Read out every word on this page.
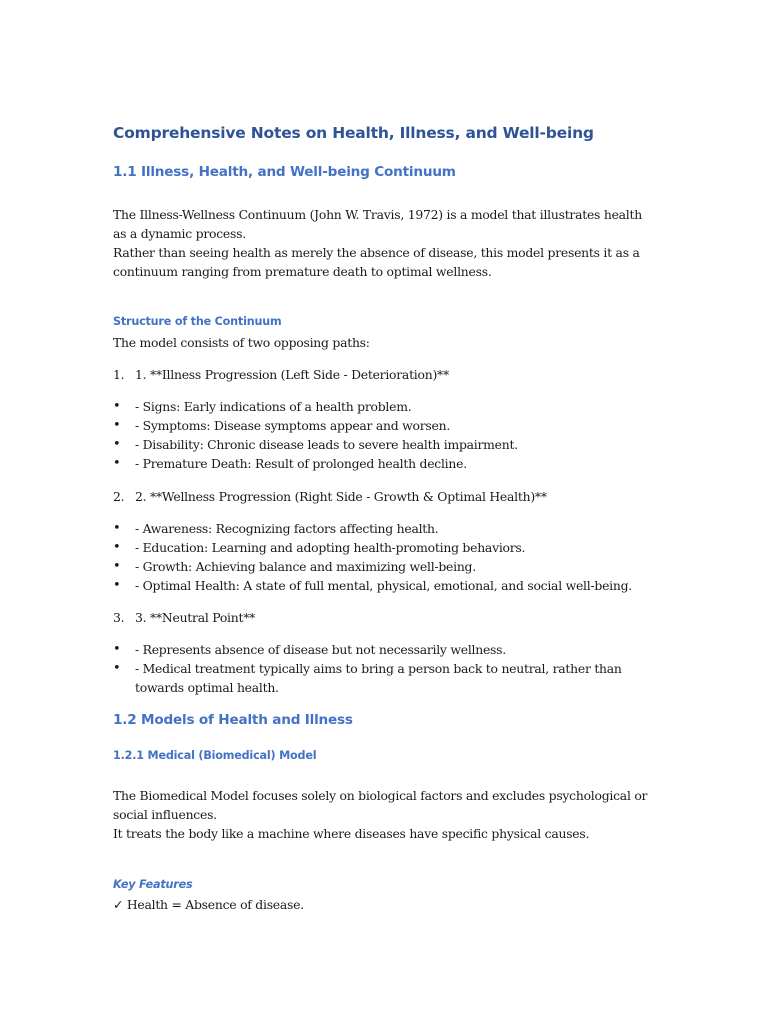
Comprehensive Notes on Health, Illness, and Well-being
1.1 Illness, Health, and Well-being Continuum
The Illness-Wellness Continuum (John W. Travis, 1972) is a model that illustrates health as a dynamic process.
Rather than seeing health as merely the absence of disease, this model presents it as a continuum ranging from premature death to optimal wellness.
Structure of the Continuum
The model consists of two opposing paths:
1. 1. **Illness Progression (Left Side - Deterioration)**
• - Signs: Early indications of a health problem.
• - Symptoms: Disease symptoms appear and worsen.
• - Disability: Chronic disease leads to severe health impairment.
• - Premature Death: Result of prolonged health decline.
2. 2. **Wellness Progression (Right Side - Growth & Optimal Health)**
• - Awareness: Recognizing factors affecting health.
• - Education: Learning and adopting health-promoting behaviors.
• - Growth: Achieving balance and maximizing well-being.
• - Optimal Health: A state of full mental, physical, emotional, and social well-being.
3. 3. **Neutral Point**
• - Represents absence of disease but not necessarily wellness.
• - Medical treatment typically aims to bring a person back to neutral, rather than towards optimal health.
1.2 Models of Health and Illness
1.2.1 Medical (Biomedical) Model
The Biomedical Model focuses solely on biological factors and excludes psychological or social influences.
It treats the body like a machine where diseases have specific physical causes.
Key Features
✓ Health = Absence of disease.
